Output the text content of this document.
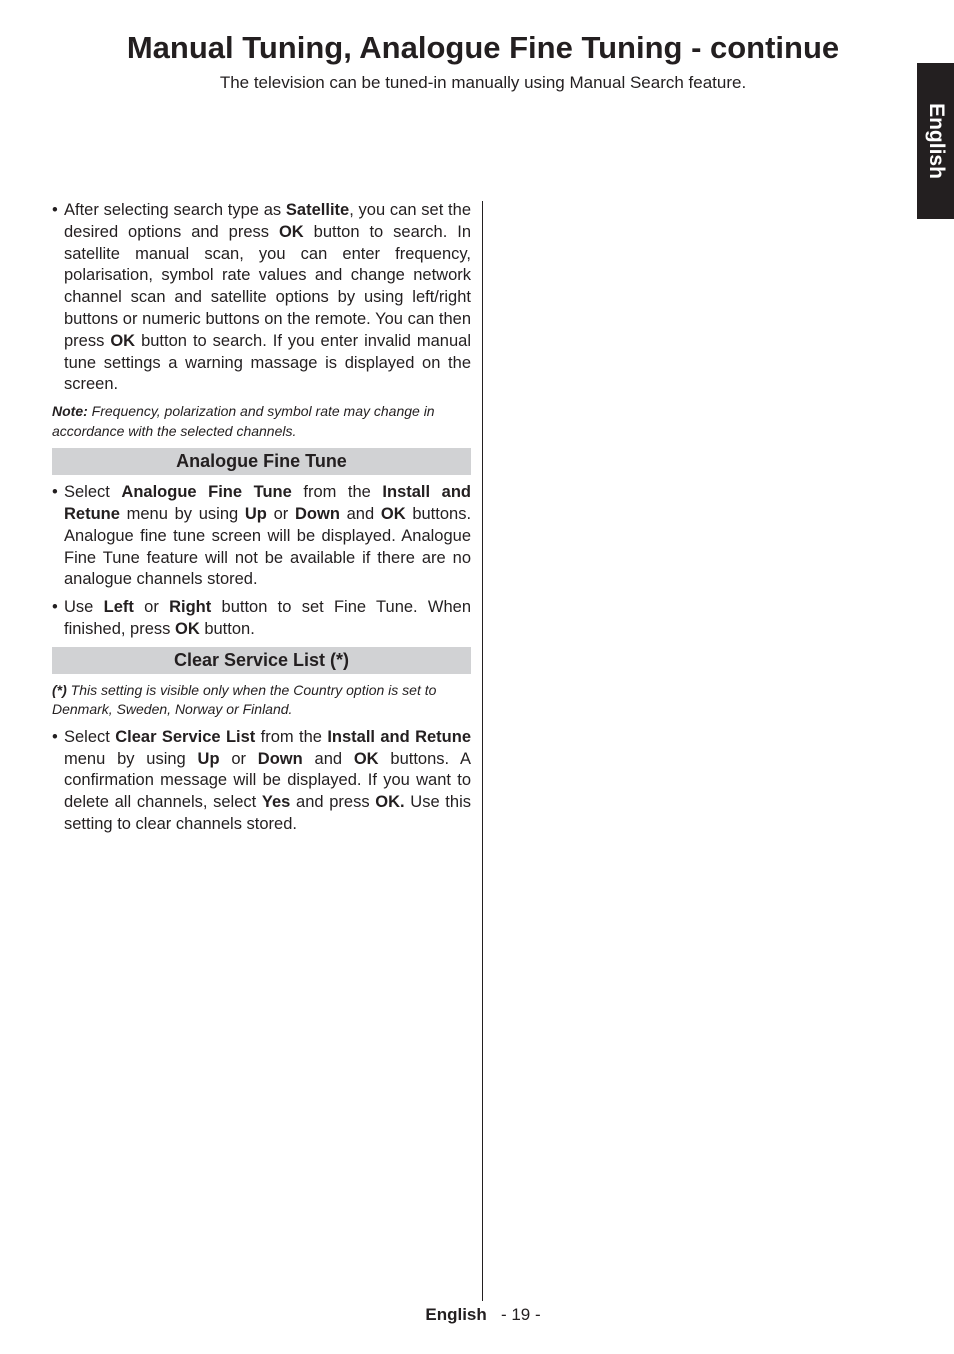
Manual Tuning, Analogue Fine Tuning - continue

The television can be tuned-in manually using Manual Search feature.

English

• After selecting search type as Satellite, you can set the desired options and press OK button to search. In satellite manual scan, you can enter frequency, polarisation, symbol rate values and change network channel scan and satellite options by using left/right buttons or numeric buttons on the remote. You can then press OK button to search. If you enter invalid manual tune settings a warning massage is displayed on the screen.

Note: Frequency, polarization and symbol rate may change in accordance with the selected channels.

Analogue Fine Tune

• Select Analogue Fine Tune from the Install and Retune menu by using Up or Down and OK buttons. Analogue fine tune screen will be displayed. Analogue Fine Tune feature will not be available if there are no analogue channels stored.

• Use Left or Right button to set Fine Tune. When finished, press OK button.

Clear Service List (*)

(*) This setting is visible only when the Country option is set to Denmark, Sweden, Norway or Finland.

• Select Clear Service List from the Install and Retune menu by using Up or Down and OK buttons. A confirmation message will be displayed. If you want to delete all channels, select Yes and press OK. Use this setting to clear channels stored.

English - 19 -
